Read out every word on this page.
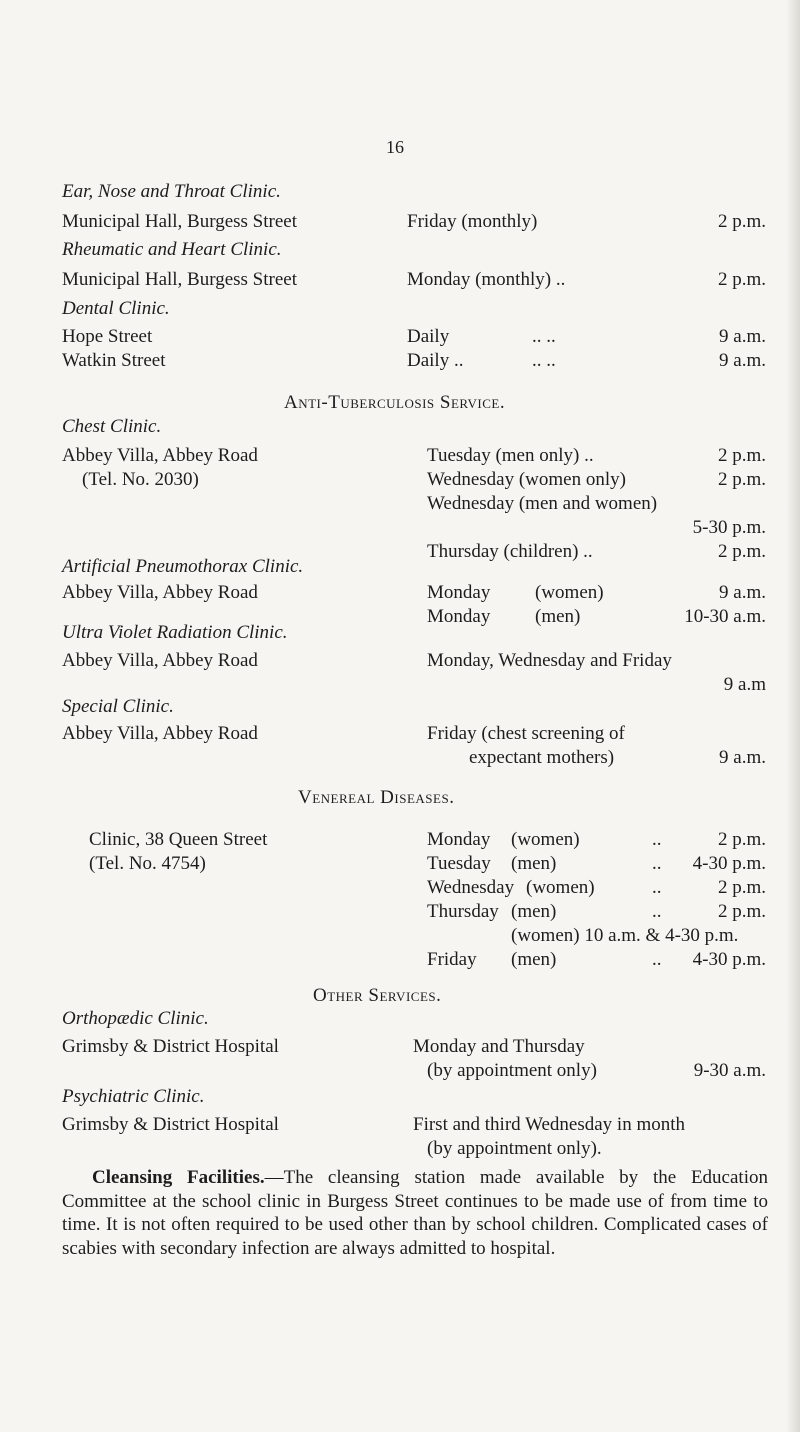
16
Ear, Nose and Throat Clinic.
Municipal Hall, Burgess Street	Friday (monthly)	2 p.m.
Rheumatic and Heart Clinic.
Municipal Hall, Burgess Street	Monday (monthly) ..	2 p.m.
Dental Clinic.
Hope Street	Daily	.. ..	9 a.m.
Watkin Street	Daily ..	.. ..	9 a.m.
Anti-Tuberculosis Service.
Chest Clinic.
Abbey Villa, Abbey Road
(Tel. No. 2030)
Tuesday (men only) ..	2 p.m.
Wednesday (women only)	2 p.m.
Wednesday (men and women)
5-30 p.m.
Thursday (children) ..	2 p.m.
Artificial Pneumothorax Clinic.
Abbey Villa, Abbey Road	Monday (women)	9 a.m.
Monday (men)	10-30 a.m.
Ultra Violet Radiation Clinic.
Abbey Villa, Abbey Road	Monday, Wednesday and Friday
9 a.m
Special Clinic.
Abbey Villa, Abbey Road	Friday (chest screening of
expectant mothers)	9 a.m.
Venereal Diseases.
Clinic, 38 Queen Street
(Tel. No. 4754)
Monday (women)	..	2 p.m.
Tuesday (men)	..	4-30 p.m.
Wednesday (women)	..	2 p.m.
Thursday (men)	..	2 p.m.
(women) 10 a.m. & 4-30 p.m.
Friday (men)	..	4-30 p.m.
Other Services.
Orthopædic Clinic.
Grimsby & District Hospital	Monday and Thursday
(by appointment only)	9-30 a.m.
Psychiatric Clinic.
Grimsby & District Hospital	First and third Wednesday in month
(by appointment only).
Cleansing Facilities.—The cleansing station made available by the Education Committee at the school clinic in Burgess Street continues to be made use of from time to time. It is not often required to be used other than by school children. Complicated cases of scabies with secondary infection are always admitted to hospital.
